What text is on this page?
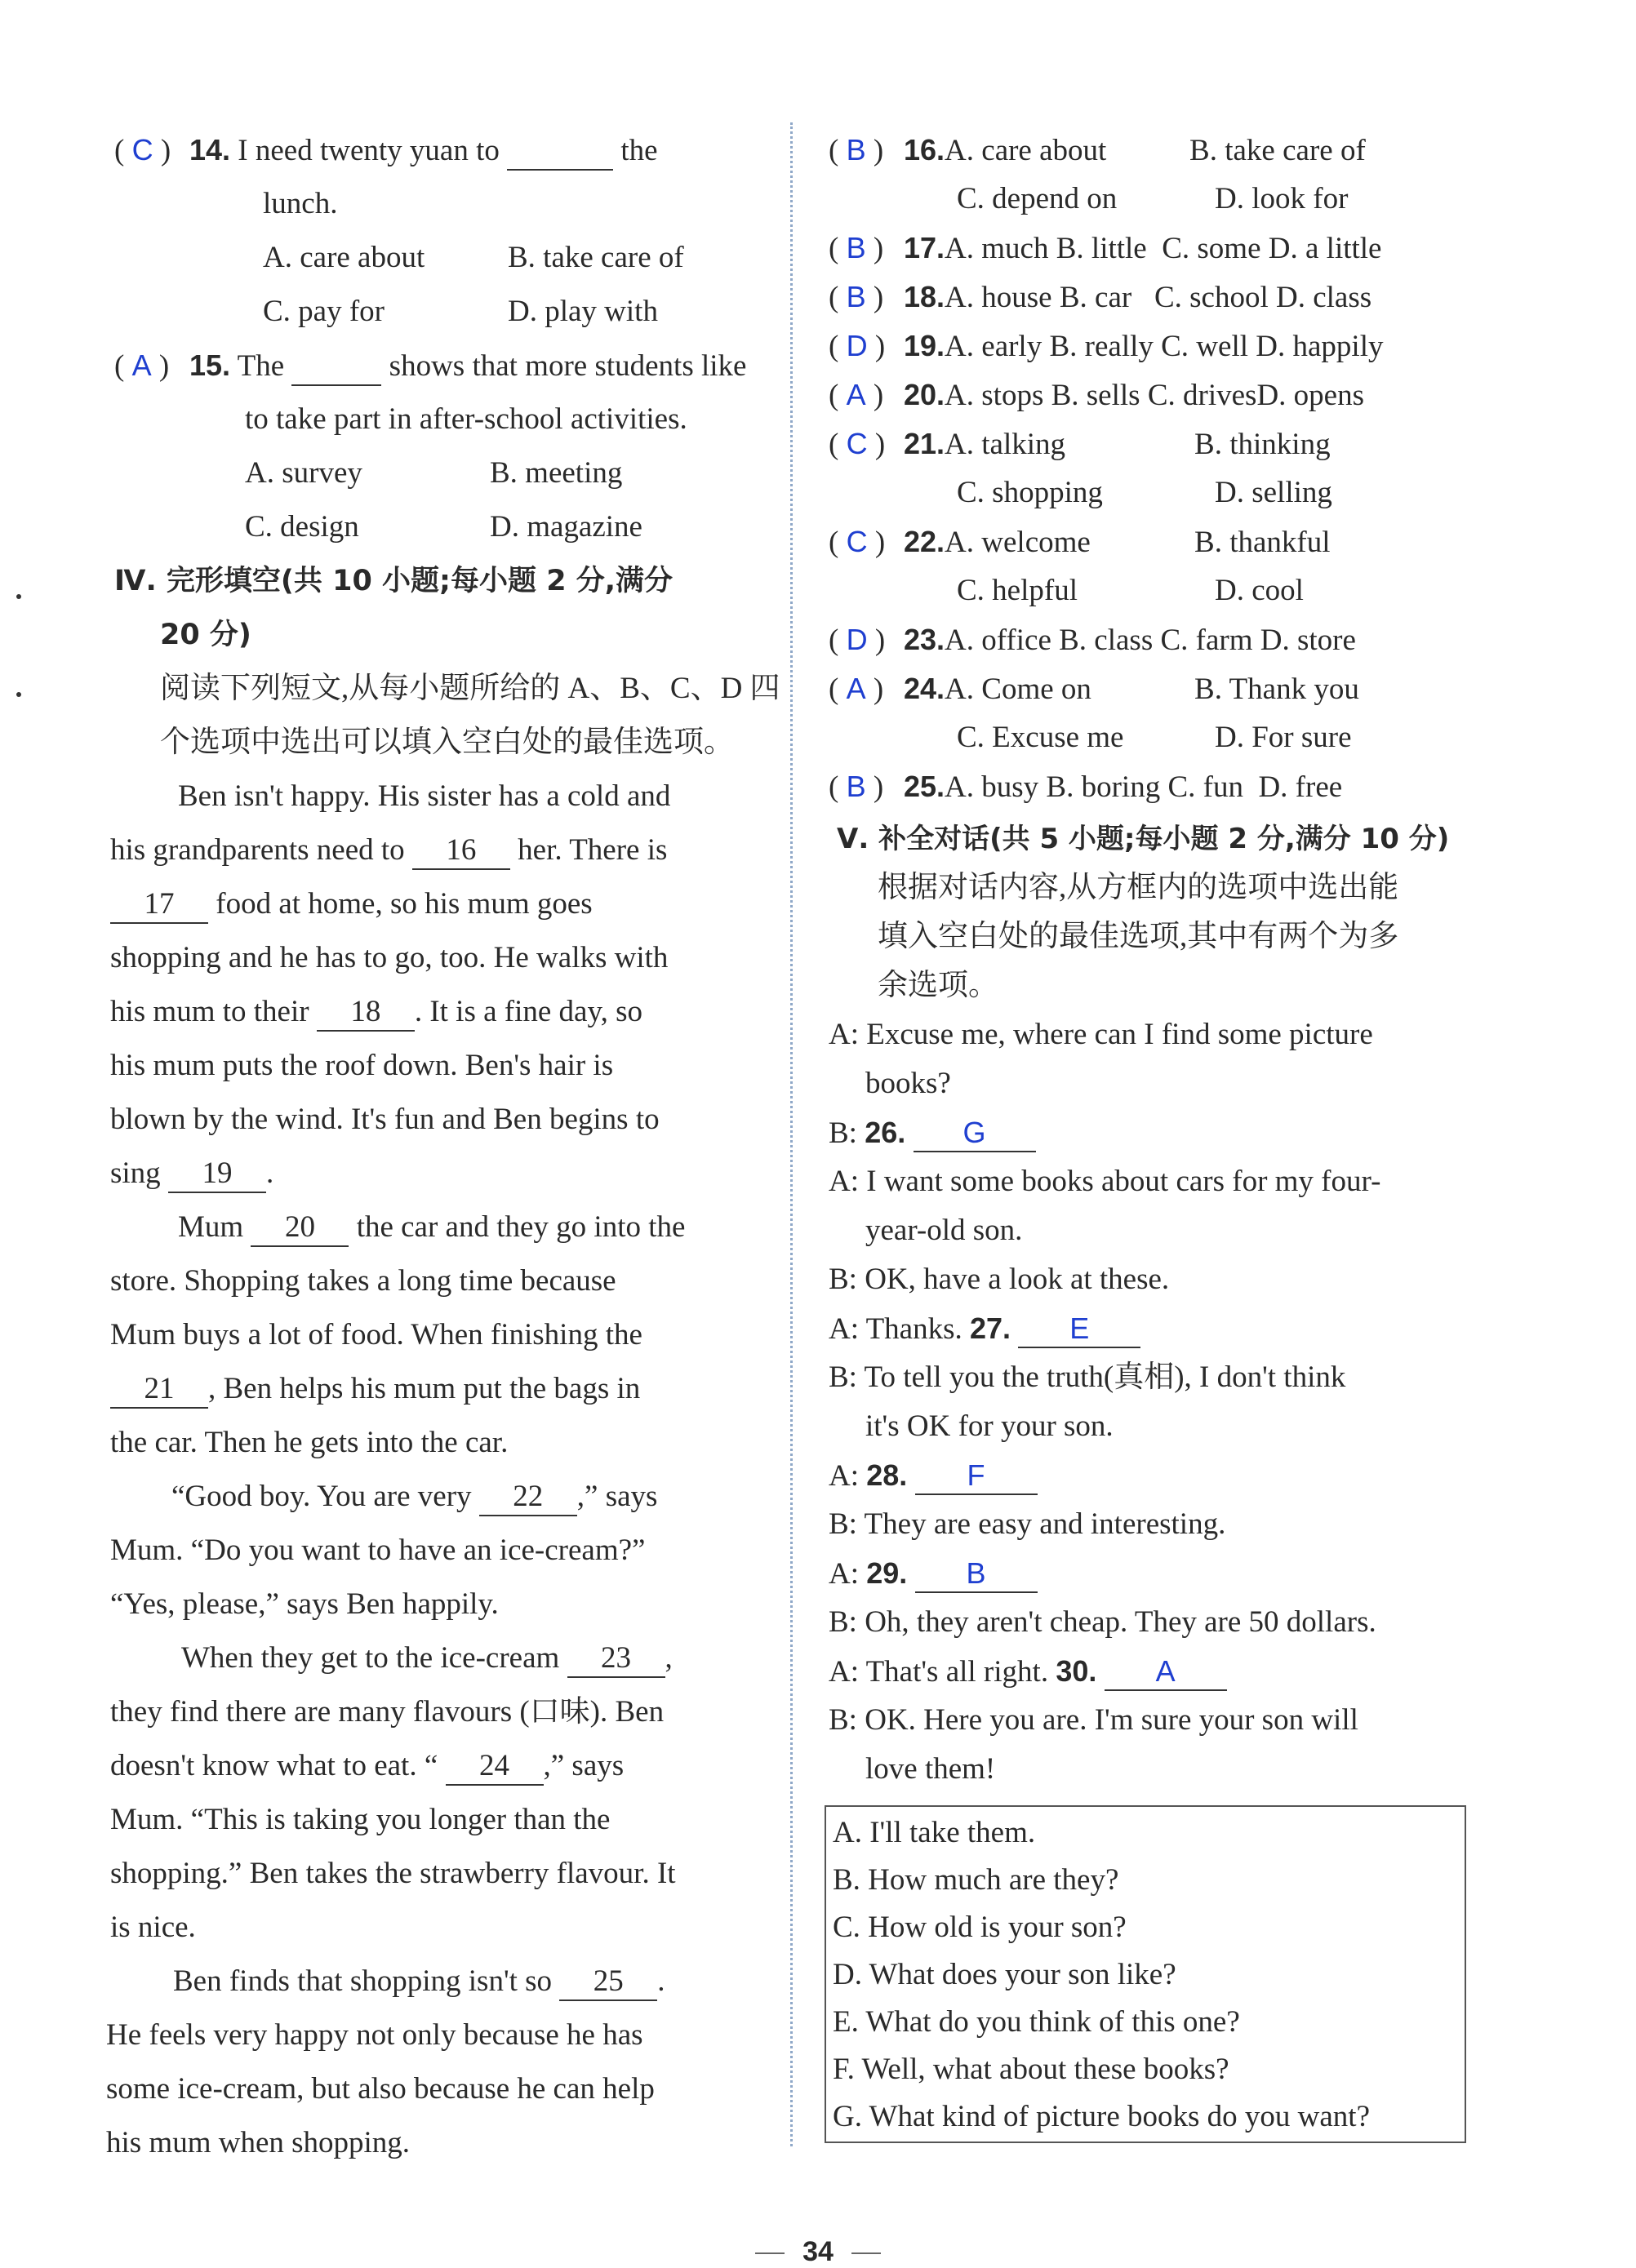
( C ) 14. I need twenty yuan to	the
lunch.
A. care about	B. take care of
C. pay for	D. play with
( A ) 15. The	shows that more students like
to take part in after-school activities.
A. survey	B. meeting
C. design	D. magazine
Ⅳ. 完形填空(共 10 小题;每小题 2 分,满分
20 分)
阅读下列短文,从每小题所给的 A、B、C、D 四
个选项中选出可以填入空白处的最佳选项。
Ben isn't happy. His sister has a cold and
his grandparents need to 16 her. There is
17 food at home, so his mum goes
shopping and he has to go, too. He walks with
his mum to their 18 . It is a fine day, so
his mum puts the roof down. Ben's hair is
blown by the wind. It's fun and Ben begins to
sing 19 .
Mum 20 the car and they go into the
store. Shopping takes a long time because
Mum buys a lot of food. When finishing the
21 , Ben helps his mum put the bags in
the car. Then he gets into the car.
“Good boy. You are very 22 ,” says
Mum. “Do you want to have an ice-cream?”
“Yes, please,” says Ben happily.
When they get to the ice-cream 23 ,
they find there are many flavours (口味). Ben
doesn't know what to eat. “ 24 ,” says
Mum. “This is taking you longer than the
shopping.” Ben takes the strawberry flavour. It
is nice.
Ben finds that shopping isn't so 25 .
He feels very happy not only because he has
some ice-cream, but also because he can help
his mum when shopping.
( B ) 16.A. care about	B. take care of
C. depend on	D. look for
( B ) 17.A. much B. little C. some D. a little
( B ) 18.A. house B. car C. school D. class
( D ) 19.A. early B. really C. well D. happily
( A ) 20.A. stops B. sells C. drivesD. opens
( C ) 21.A. talking	B. thinking
C. shopping	D. selling
( C ) 22.A. welcome	B. thankful
C. helpful	D. cool
( D ) 23.A. office B. class C. farm D. store
( A ) 24.A. Come on	B. Thank you
C. Excuse me	D. For sure
( B ) 25.A. busy B. boring C. fun D. free
Ⅴ. 补全对话(共 5 小题;每小题 2 分,满分 10 分)
根据对话内容,从方框内的选项中选出能
填入空白处的最佳选项,其中有两个为多
余选项。
A: Excuse me, where can I find some picture
books?
B: 26. G
A: I want some books about cars for my four-
year-old son.
B: OK, have a look at these.
A: Thanks. 27. E
B: To tell you the truth(真相), I don't think
it's OK for your son.
A: 28. F
B: They are easy and interesting.
A: 29. B
B: Oh, they aren't cheap. They are 50 dollars.
A: That's all right. 30. A
B: OK. Here you are. I'm sure your son will
love them!
A. I'll take them.
B. How much are they?
C. How old is your son?
D. What does your son like?
E. What do you think of this one?
F. Well, what about these books?
G. What kind of picture books do you want?
34
